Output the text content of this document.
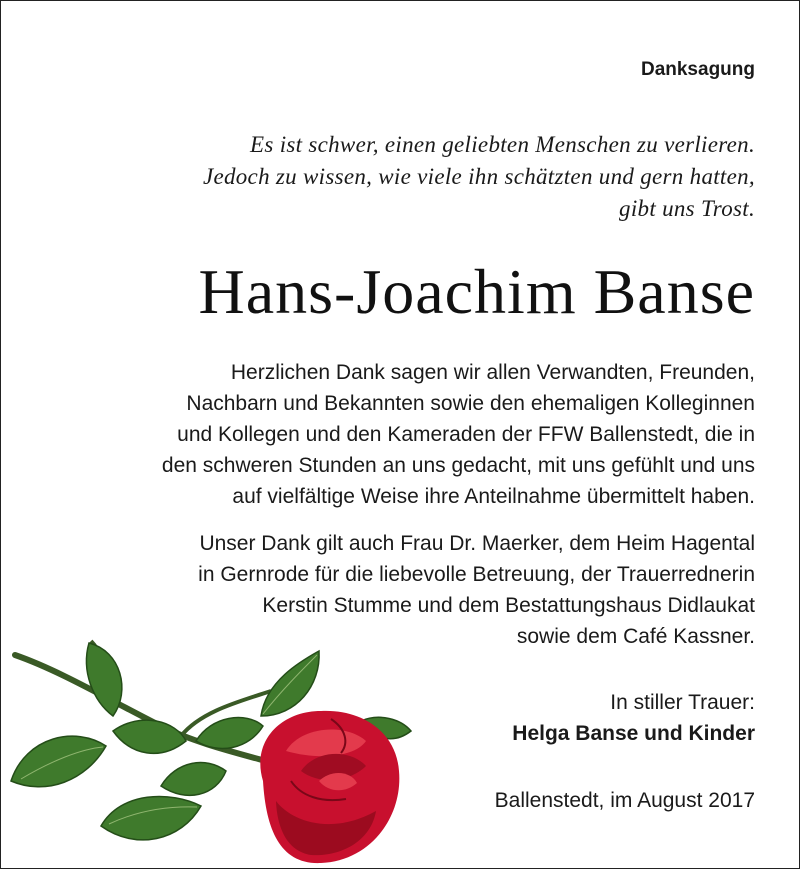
Danksagung
Es ist schwer, einen geliebten Menschen zu verlieren.
Jedoch zu wissen, wie viele ihn schätzten und gern hatten,
gibt uns Trost.
Hans-Joachim Banse
Herzlichen Dank sagen wir allen Verwandten, Freunden,
Nachbarn und Bekannten sowie den ehemaligen Kolleginnen
und Kollegen und den Kameraden der FFW Ballenstedt, die in
den schweren Stunden an uns gedacht, mit uns gefühlt und uns
auf vielfältige Weise ihre Anteilnahme übermittelt haben.
Unser Dank gilt auch Frau Dr. Maerker, dem Heim Hagental
in Gernrode für die liebevolle Betreuung, der Trauerrednerin
Kerstin Stumme und dem Bestattungshaus Didlaukat
sowie dem Café Kassner.
In stiller Trauer:
Helga Banse und Kinder
Ballenstedt, im August 2017
